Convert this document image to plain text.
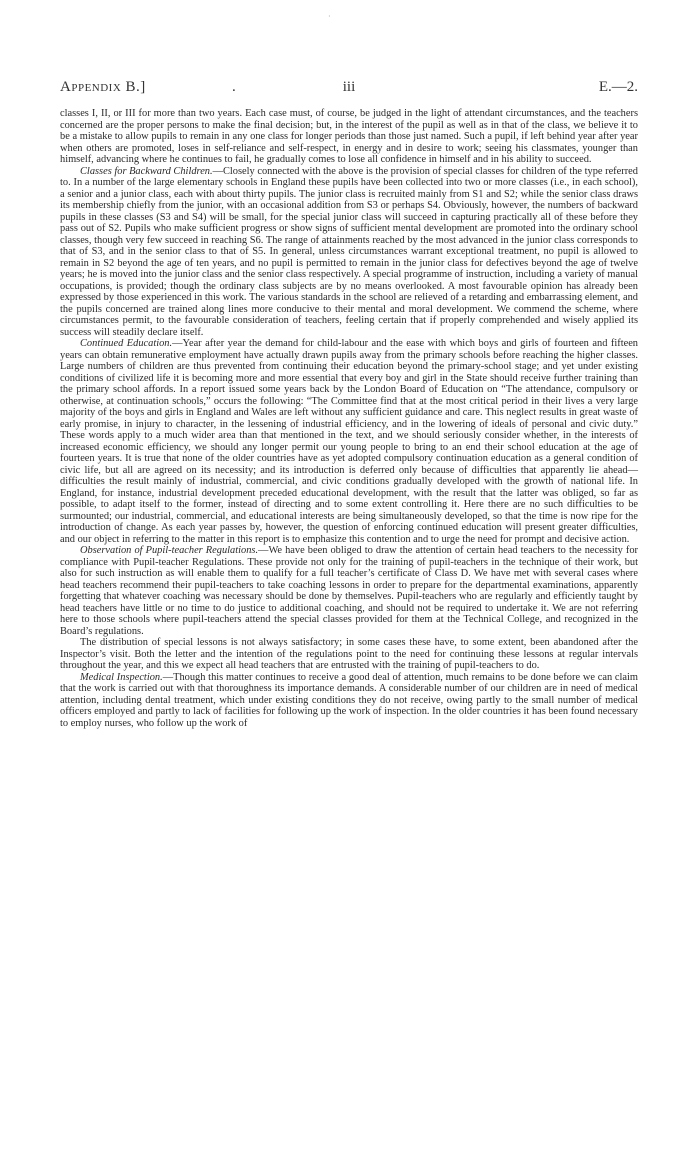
·
Appendix B.]	.	iii	E.—2.

classes I, II, or III for more than two years. Each case must, of course, be judged in the light of attendant circumstances, and the teachers concerned are the proper persons to make the final decision; but, in the interest of the pupil as well as in that of the class, we believe it to be a mistake to allow pupils to remain in any one class for longer periods than those just named. Such a pupil, if left behind year after year when others are promoted, loses in self-reliance and self-respect, in energy and in desire to work; seeing his classmates, younger than himself, advancing where he continues to fail, he gradually comes to lose all confidence in himself and in his ability to succeed.

Classes for Backward Children.—Closely connected with the above is the provision of special classes for children of the type referred to. In a number of the large elementary schools in England these pupils have been collected into two or more classes (i.e., in each school), a senior and a junior class, each with about thirty pupils. The junior class is recruited mainly from S1 and S2; while the senior class draws its membership chiefly from the junior, with an occasional addition from S3 or perhaps S4. Obviously, however, the numbers of backward pupils in these classes (S3 and S4) will be small, for the special junior class will succeed in capturing practically all of these before they pass out of S2. Pupils who make sufficient progress or show signs of sufficient mental development are promoted into the ordinary school classes, though very few succeed in reaching S6. The range of attainments reached by the most advanced in the junior class corresponds to that of S3, and in the senior class to that of S5. In general, unless circumstances warrant exceptional treatment, no pupil is allowed to remain in S2 beyond the age of ten years, and no pupil is permitted to remain in the junior class for defectives beyond the age of twelve years; he is moved into the junior class and the senior class respectively. A special programme of instruction, including a variety of manual occupations, is provided; though the ordinary class subjects are by no means overlooked. A most favourable opinion has already been expressed by those experienced in this work. The various standards in the school are relieved of a retarding and embarrassing element, and the pupils concerned are trained along lines more conducive to their mental and moral development. We commend the scheme, where circumstances permit, to the favourable consideration of teachers, feeling certain that if properly comprehended and wisely applied its success will steadily declare itself.

Continued Education.—Year after year the demand for child-labour and the ease with which boys and girls of fourteen and fifteen years can obtain remunerative employment have actually drawn pupils away from the primary schools before reaching the higher classes. Large numbers of children are thus prevented from continuing their education beyond the primary-school stage; and yet under existing conditions of civilized life it is becoming more and more essential that every boy and girl in the State should receive further training than the primary school affords. In a report issued some years back by the London Board of Education on “The attendance, compulsory or otherwise, at continuation schools,” occurs the following: “The Committee find that at the most critical period in their lives a very large majority of the boys and girls in England and Wales are left without any sufficient guidance and care. This neglect results in great waste of early promise, in injury to character, in the lessening of industrial efficiency, and in the lowering of ideals of personal and civic duty.” These words apply to a much wider area than that mentioned in the text, and we should seriously consider whether, in the interests of increased economic efficiency, we should any longer permit our young people to bring to an end their school education at the age of fourteen years. It is true that none of the older countries have as yet adopted compulsory continuation education as a general condition of civic life, but all are agreed on its necessity; and its introduction is deferred only because of difficulties that apparently lie ahead—difficulties the result mainly of industrial, commercial, and civic conditions gradually developed with the growth of national life. In England, for instance, industrial development preceded educational development, with the result that the latter was obliged, so far as possible, to adapt itself to the former, instead of directing and to some extent controlling it. Here there are no such difficulties to be surmounted; our industrial, commercial, and educational interests are being simultaneously developed, so that the time is now ripe for the introduction of change. As each year passes by, however, the question of enforcing continued education will present greater difficulties, and our object in referring to the matter in this report is to emphasize this contention and to urge the need for prompt and decisive action.

Observation of Pupil-teacher Regulations.—We have been obliged to draw the attention of certain head teachers to the necessity for compliance with Pupil-teacher Regulations. These provide not only for the training of pupil-teachers in the technique of their work, but also for such instruction as will enable them to qualify for a full teacher’s certificate of Class D. We have met with several cases where head teachers recommend their pupil-teachers to take coaching lessons in order to prepare for the departmental examinations, apparently forgetting that whatever coaching was necessary should be done by themselves. Pupil-teachers who are regularly and efficiently taught by head teachers have little or no time to do justice to additional coaching, and should not be required to undertake it. We are not referring here to those schools where pupil-teachers attend the special classes provided for them at the Technical College, and recognized in the Board’s regulations.

The distribution of special lessons is not always satisfactory; in some cases these have, to some extent, been abandoned after the Inspector’s visit. Both the letter and the intention of the regulations point to the need for continuing these lessons at regular intervals throughout the year, and this we expect all head teachers that are entrusted with the training of pupil-teachers to do.

Medical Inspection.—Though this matter continues to receive a good deal of attention, much remains to be done before we can claim that the work is carried out with that thoroughness its importance demands. A considerable number of our children are in need of medical attention, including dental treatment, which under existing conditions they do not receive, owing partly to the small number of medical officers employed and partly to lack of facilities for following up the work of inspection. In the older countries it has been found necessary to employ nurses, who follow up the work of
